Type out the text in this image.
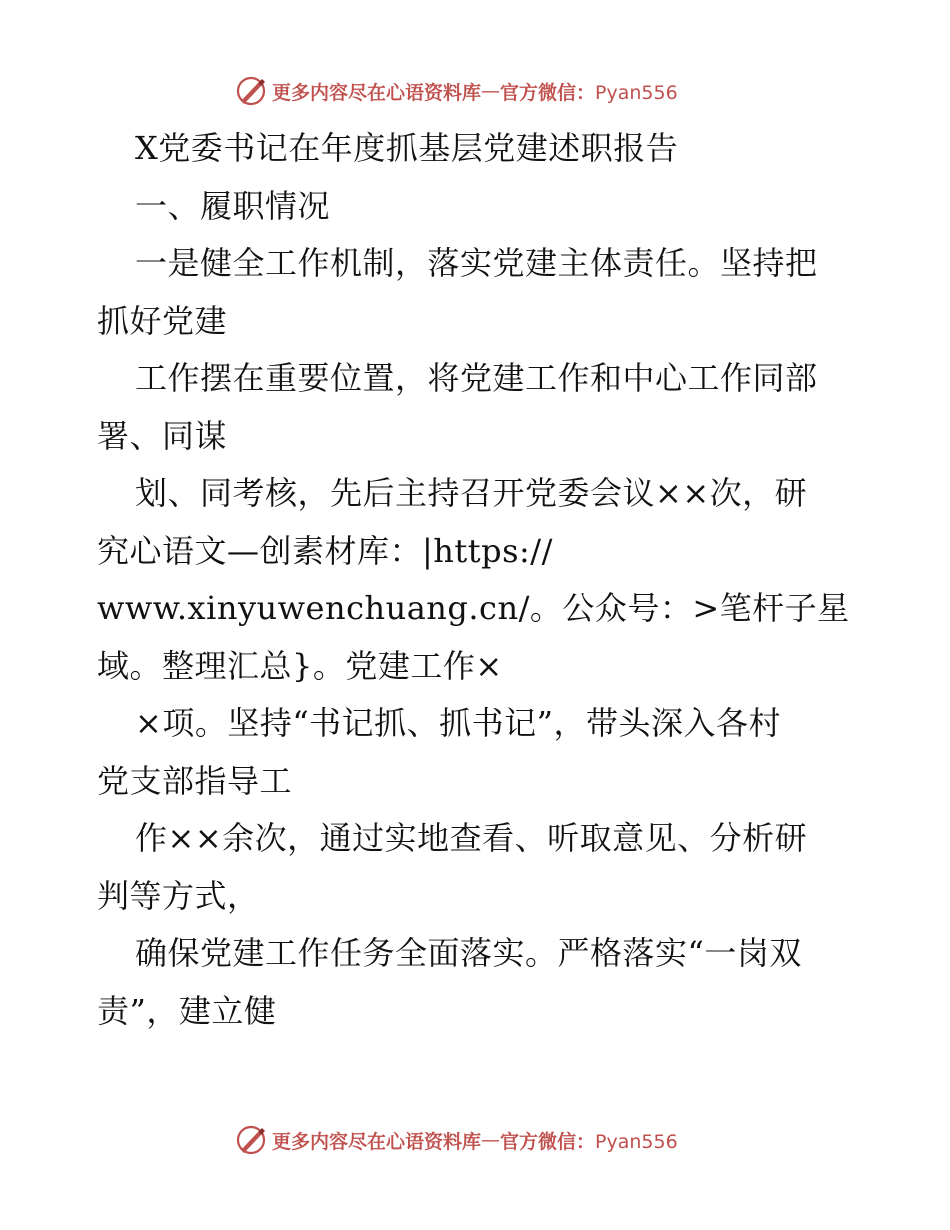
更多内容尽在心语资料库 — 官方微信：Pyan556
X党委书记在年度抓基层党建述职报告
一、履职情况
一是健全工作机制，落实党建主体责任。坚持把
抓好党建
工作摆在重要位置，将党建工作和中心工作同部
署、同谋
划、同考核，先后主持召开党委会议××次，研
究心语文—创素材库：|https://
www.xinyuwenchuang.cn/。公众号：>笔杆子星
域。整理汇总}。党建工作×
×项。坚持“书记抓、抓书记”，带头深入各村
党支部指导工
作××余次，通过实地查看、听取意见、分析研
判等方式，
确保党建工作任务全面落实。严格落实“一岗双
责”，建立健
更多内容尽在心语资料库 — 官方微信：Pyan556
